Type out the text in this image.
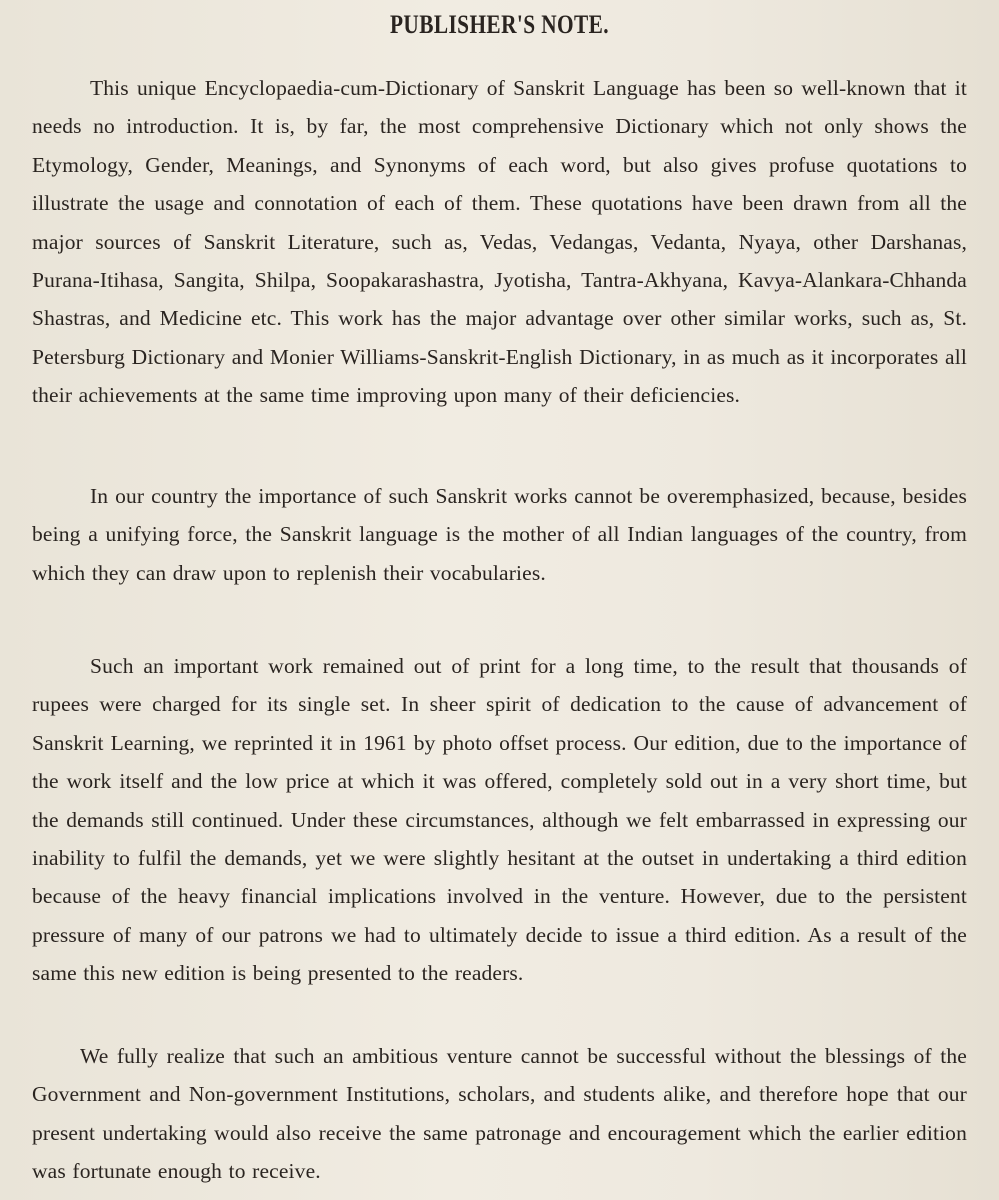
PUBLISHER'S NOTE.

This unique Encyclopaedia-cum-Dictionary of Sanskrit Language has been so well-known that it needs no introduction. It is, by far, the most comprehensive Dictionary which not only shows the Etymology, Gender, Meanings, and Synonyms of each word, but also gives profuse quotations to illustrate the usage and connotation of each of them. These quotations have been drawn from all the major sources of Sanskrit Literature, such as, Vedas, Vedangas, Vedanta, Nyaya, other Darshanas, Purana-Itihasa, Sangita, Shilpa, Soopakarashastra, Jyotisha, Tantra-Akhyana, Kavya-Alankara-Chhanda Shastras, and Medicine etc. This work has the major advantage over other similar works, such as, St. Petersburg Dictionary and Monier Williams-Sanskrit-English Dictionary, in as much as it incorporates all their achievements at the same time improving upon many of their deficiencies.

In our country the importance of such Sanskrit works cannot be overemphasized, because, besides being a unifying force, the Sanskrit language is the mother of all Indian languages of the country, from which they can draw upon to replenish their vocabularies.

Such an important work remained out of print for a long time, to the result that thousands of rupees were charged for its single set. In sheer spirit of dedication to the cause of advancement of Sanskrit Learning, we reprinted it in 1961 by photo offset process. Our edition, due to the importance of the work itself and the low price at which it was offered, completely sold out in a very short time, but the demands still continued. Under these circumstances, although we felt embarrassed in expressing our inability to fulfil the demands, yet we were slightly hesitant at the outset in undertaking a third edition because of the heavy financial implications involved in the venture. However, due to the persistent pressure of many of our patrons we had to ultimately decide to issue a third edition. As a result of the same this new edition is being presented to the readers.

We fully realize that such an ambitious venture cannot be successful without the blessings of the Government and Non-government Institutions, scholars, and students alike, and therefore hope that our present undertaking would also receive the same patronage and encouragement which the earlier edition was fortunate enough to receive.
